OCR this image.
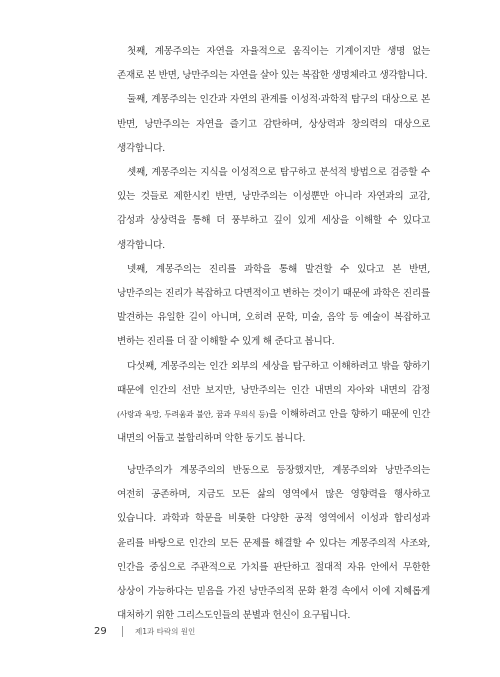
첫째, 계몽주의는 자연을 자율적으로 움직이는 기계이지만 생명 없는 존재로 본 반면, 낭만주의는 자연을 살아 있는 복잡한 생명체라고 생각합니다.

둘째, 계몽주의는 인간과 자연의 관계를 이성적·과학적 탐구의 대상으로 본 반면, 낭만주의는 자연을 즐기고 감탄하며, 상상력과 창의력의 대상으로 생각합니다.

셋째, 계몽주의는 지식을 이성적으로 탐구하고 분석적 방법으로 검증할 수 있는 것들로 제한시킨 반면, 낭만주의는 이성뿐만 아니라 자연과의 교감, 감성과 상상력을 통해 더 풍부하고 깊이 있게 세상을 이해할 수 있다고 생각합니다.

넷째, 계몽주의는 진리를 과학을 통해 발견할 수 있다고 본 반면, 낭만주의는 진리가 복잡하고 다면적이고 변하는 것이기 때문에 과학은 진리를 발견하는 유일한 길이 아니며, 오히려 문학, 미술, 음악 등 예술이 복잡하고 변하는 진리를 더 잘 이해할 수 있게 해 준다고 봅니다.

다섯째, 계몽주의는 인간 외부의 세상을 탐구하고 이해하려고 밖을 향하기 때문에 인간의 선만 보지만, 낭만주의는 인간 내면의 자아와 내면의 감정(사랑과 욕망, 두려움과 불안, 꿈과 무의식 등)을 이해하려고 안을 향하기 때문에 인간 내면의 어둡고 불합리하며 악한 동기도 봅니다.

낭만주의가 계몽주의의 반동으로 등장했지만, 계몽주의와 낭만주의는 여전히 공존하며, 지금도 모든 삶의 영역에서 많은 영향력을 행사하고 있습니다. 과학과 학문을 비롯한 다양한 공적 영역에서 이성과 합리성과 윤리를 바탕으로 인간의 모든 문제를 해결할 수 있다는 계몽주의적 사조와, 인간을 중심으로 주관적으로 가치를 판단하고 절대적 자유 안에서 무한한 상상이 가능하다는 믿음을 가진 낭만주의적 문화 환경 속에서 이에 지혜롭게 대처하기 위한 그리스도인들의 분별과 헌신이 요구됩니다.

29	제1과 타락의 원인
